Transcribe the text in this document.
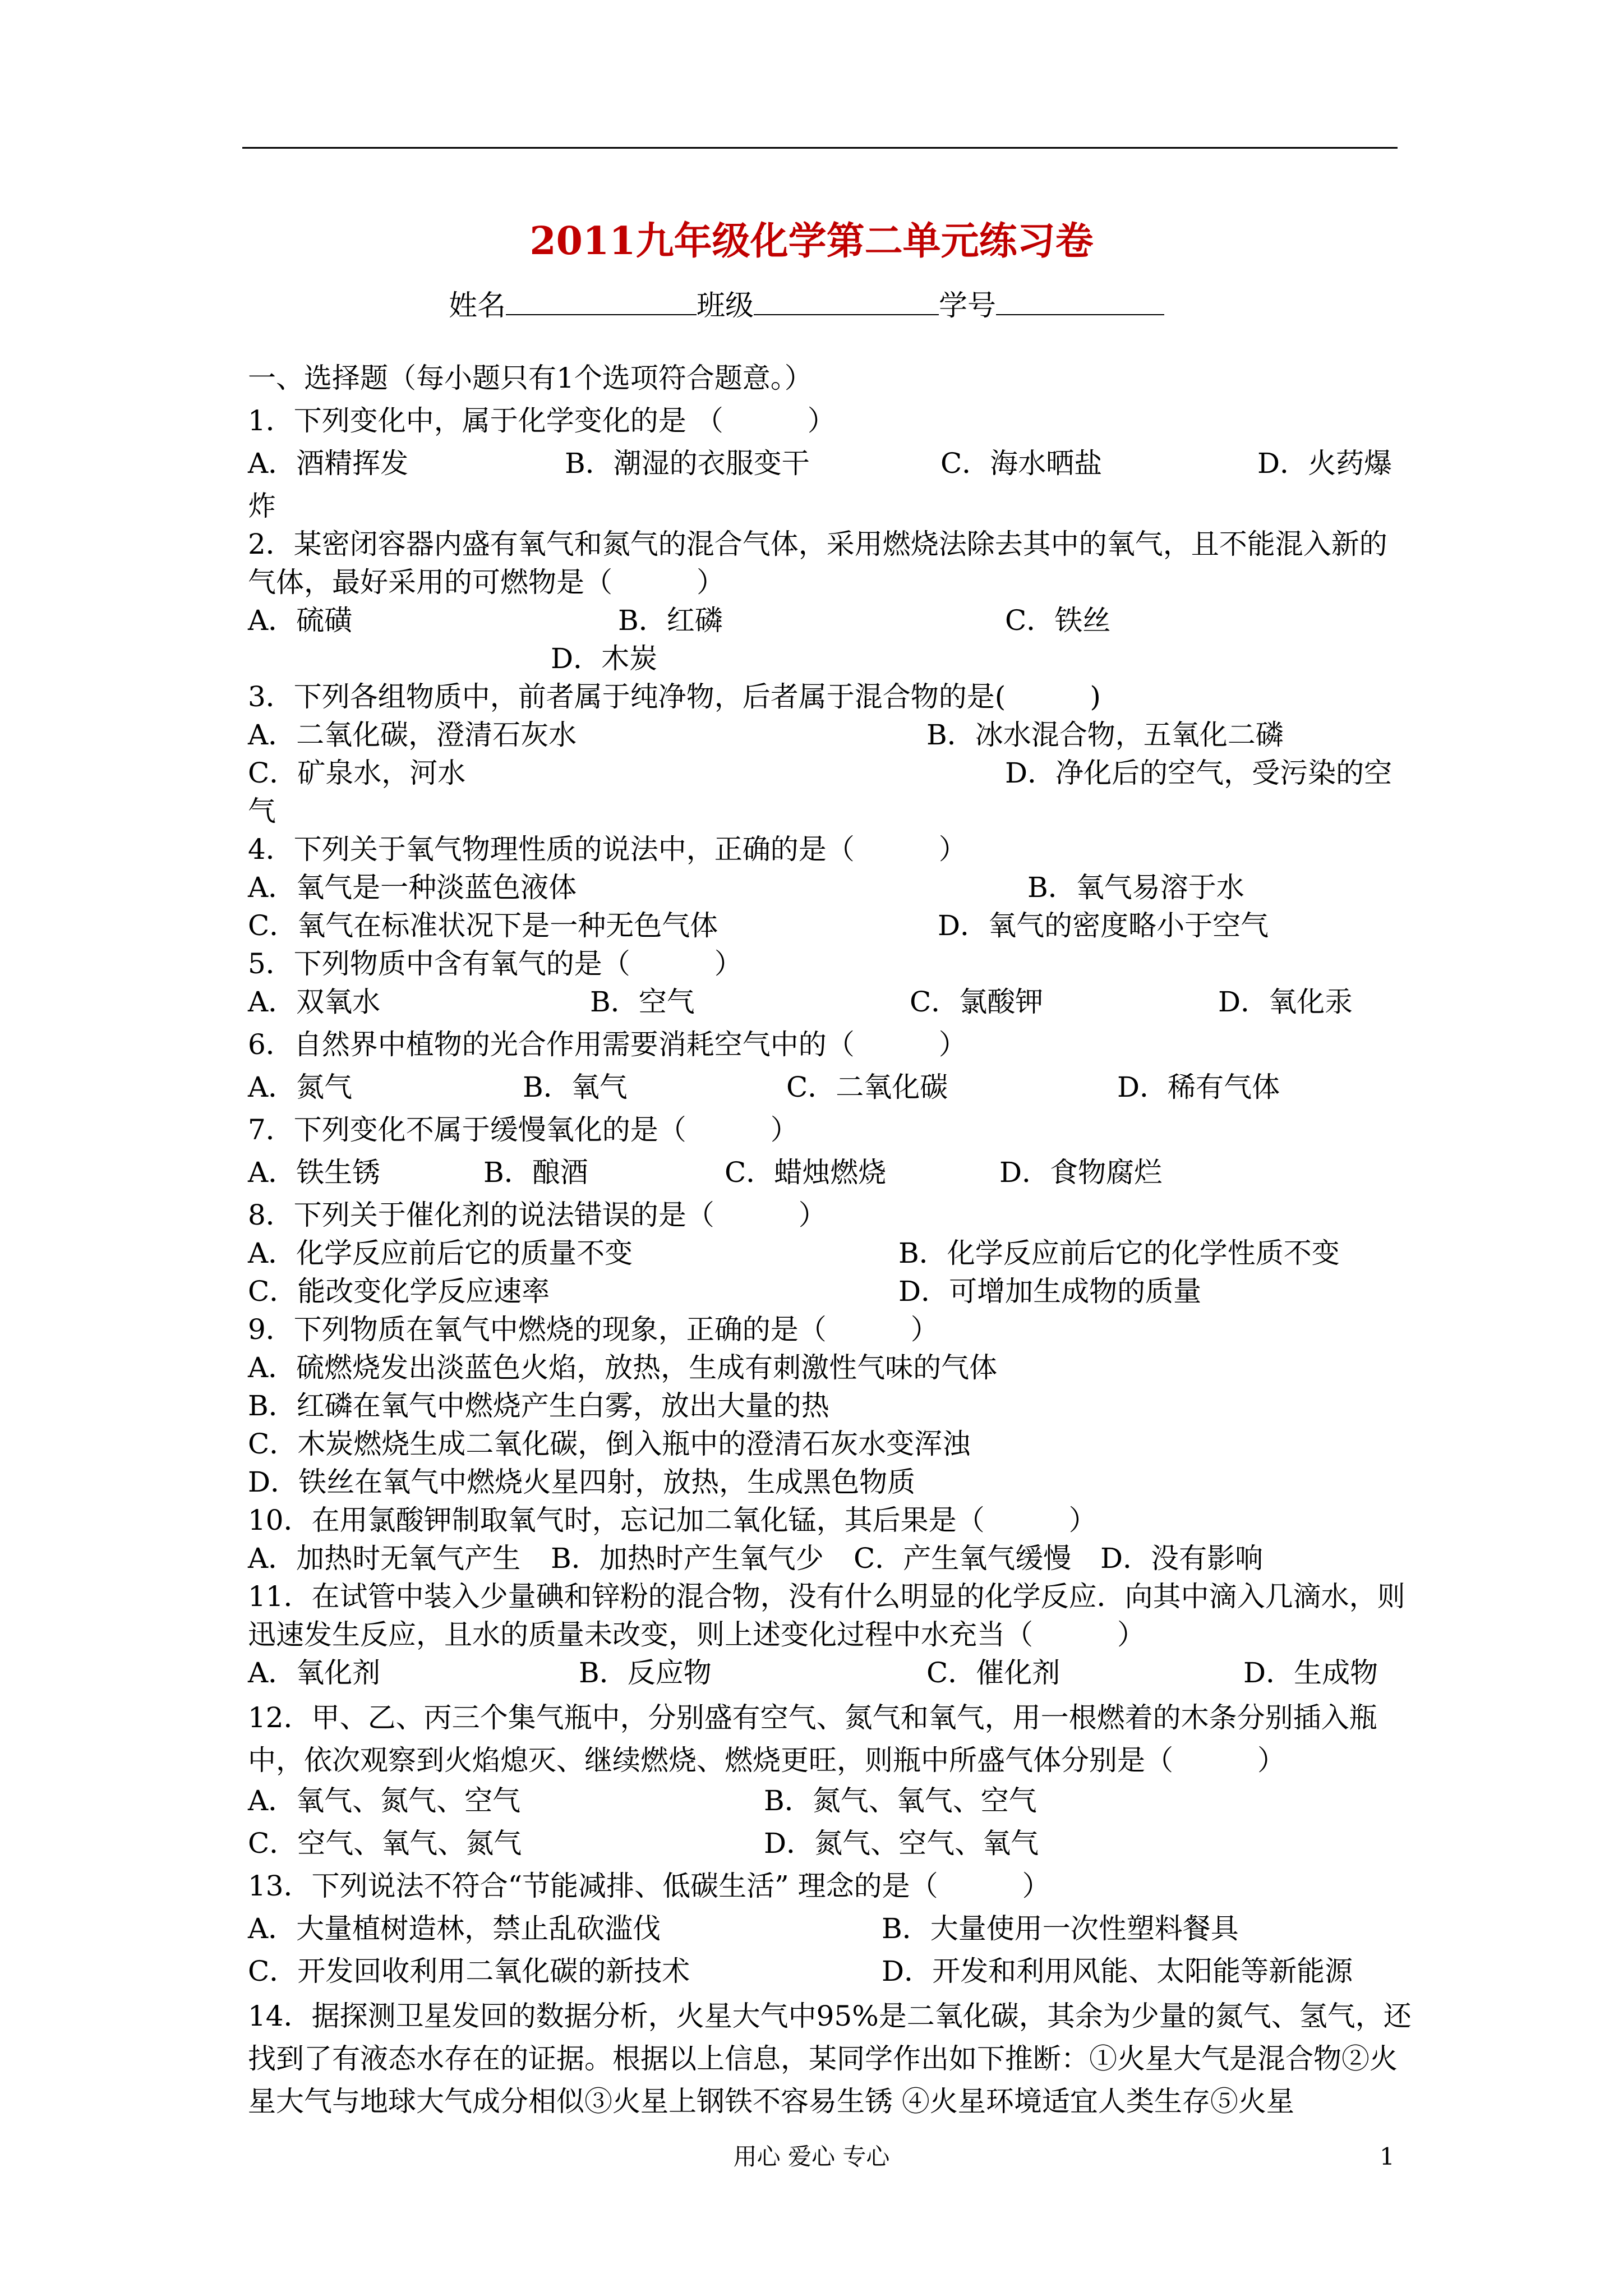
2011九年级化学第二单元练习卷
姓名	班级	学号
一、选择题（每小题只有1个选项符合题意。）
1．下列变化中，属于化学变化的是 （　　　）
A．酒精挥发	B．潮湿的衣服变干	C．海水晒盐	D．火药爆
炸
2．某密闭容器内盛有氧气和氮气的混合气体，采用燃烧法除去其中的氧气，且不能混入新的气体，最好采用的可燃物是（　　　）
A．硫磺	B．红磷	C．铁丝
D．木炭
3．下列各组物质中，前者属于纯净物，后者属于混合物的是(　　　)
A．二氧化碳，澄清石灰水	B．冰水混合物，五氧化二磷
C．矿泉水，河水	D．净化后的空气，受污染的空
气
4．下列关于氧气物理性质的说法中，正确的是（　　　）
A．氧气是一种淡蓝色液体	B．氧气易溶于水
C．氧气在标准状况下是一种无色气体	D．氧气的密度略小于空气
5．下列物质中含有氧气的是（　　　）
A．双氧水	B．空气	C．氯酸钾	D．氧化汞
6．自然界中植物的光合作用需要消耗空气中的（　　　）
A．氮气	B．氧气	C．二氧化碳	D．稀有气体
7．下列变化不属于缓慢氧化的是（　　　）
A．铁生锈	B．酿酒	C．蜡烛燃烧	D．食物腐烂
8．下列关于催化剂的说法错误的是（　　　）
A．化学反应前后它的质量不变	B．化学反应前后它的化学性质不变
C．能改变化学反应速率	D．可增加生成物的质量
9．下列物质在氧气中燃烧的现象，正确的是（　　　）
A．硫燃烧发出淡蓝色火焰，放热，生成有刺激性气味的气体
B．红磷在氧气中燃烧产生白雾，放出大量的热
C．木炭燃烧生成二氧化碳，倒入瓶中的澄清石灰水变浑浊
D．铁丝在氧气中燃烧火星四射，放热，生成黑色物质
10．在用氯酸钾制取氧气时，忘记加二氧化锰，其后果是（　　　）
A．加热时无氧气产生 B．加热时产生氧气少 C．产生氧气缓慢 D．没有影响
11．在试管中装入少量碘和锌粉的混合物，没有什么明显的化学反应．向其中滴入几滴水，则迅速发生反应，且水的质量未改变，则上述变化过程中水充当（　　　）
A．氧化剂	B．反应物	C．催化剂	D．生成物
12．甲、乙、丙三个集气瓶中，分别盛有空气、氮气和氧气，用一根燃着的木条分别插入瓶中，依次观察到火焰熄灭、继续燃烧、燃烧更旺，则瓶中所盛气体分别是（　　　）
A．氧气、氮气、空气	B．氮气、氧气、空气
C．空气、氧气、氮气	D．氮气、空气、氧气
13．下列说法不符合“节能减排、低碳生活” 理念的是（　　　）
A．大量植树造林，禁止乱砍滥伐	B．大量使用一次性塑料餐具
C．开发回收利用二氧化碳的新技术	D．开发和利用风能、太阳能等新能源
14．据探测卫星发回的数据分析，火星大气中95%是二氧化碳，其余为少量的氮气、氢气，还找到了有液态水存在的证据。根据以上信息，某同学作出如下推断：①火星大气是混合物②火星大气与地球大气成分相似③火星上钢铁不容易生锈 ④火星环境适宜人类生存⑤火星
用心 爱心 专心	1
